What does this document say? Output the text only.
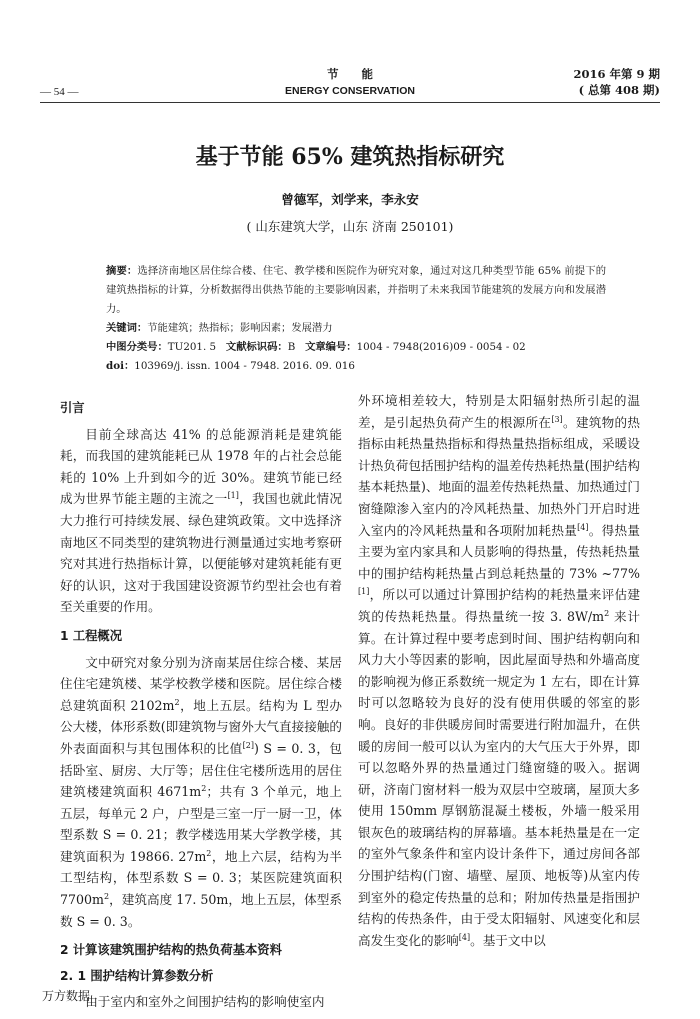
— 54 —
节　　能
ENERGY CONSERVATION
2016 年第 9 期
( 总第 408 期)
基于节能 65% 建筑热指标研究
曾德军，刘学来，李永安
( 山东建筑大学，山东 济南 250101)

摘要：选择济南地区居住综合楼、住宅、教学楼和医院作为研究对象，通过对这几种类型节能 65% 前提下的建筑热指标的计算，分析数据得出供热节能的主要影响因素，并指明了未来我国节能建筑的发展方向和发展潜力。

关键词：节能建筑；热指标；影响因素；发展潜力
中图分类号：TU201. 5 文献标识码：B 文章编号：1004 - 7948(2016)09 - 0054 - 02
doi：103969/j. issn. 1004 - 7948. 2016. 09. 016
引言

目前全球高达 41% 的总能源消耗是建筑能耗，而我国的建筑能耗已从 1978 年的占社会总能耗的 10% 上升到如今的近 30%。建筑节能已经成为世界节能主题的主流之一[1]，我国也就此情况大力推行可持续发展、绿色建筑政策。文中选择济南地区不同类型的建筑物进行测量通过实地考察研究对其进行热指标计算，以便能够对建筑耗能有更好的认识，这对于我国建设资源节约型社会也有着至关重要的作用。

1 工程概况

文中研究对象分别为济南某居住综合楼、某居住住宅建筑楼、某学校教学楼和医院。居住综合楼总建筑面积 $2102m^2$，地上五层。结构为 L 型办公大楼，体形系数(即建筑物与窗外大气直接接触的外表面面积与其包围体积的比值[2]) S = 0. 3，包括卧室、厨房、大厅等；居住住宅楼所选用的居住建筑楼建筑面积 $4671m^2$；共有 3 个单元，地上五层，每单元 2 户，户型是三室一厅一厨一卫，体型系数 S = 0. 21；教学楼选用某大学教学楼，其建筑面积为 19866. $27m^2$，地上六层，结构为半工型结构，体型系数 S = 0. 3；某医院建筑面积 $7700m^2$，建筑高度 17. 50m，地上五层，体型系数 S = 0. 3。

2 计算该建筑围护结构的热负荷基本资料
2. 1 围护结构计算参数分析

由于室内和室外之间围护结构的影响使室内

外环境相差较大，特别是太阳辐射热所引起的温差，是引起热负荷产生的根源所在[3]。建筑物的热指标由耗热量热指标和得热量热指标组成，采暖设计热负荷包括围护结构的温差传热耗热量(围护结构基本耗热量)、地面的温差传热耗热量、加热通过门窗缝隙渗入室内的冷风耗热量、加热外门开启时进入室内的冷风耗热量和各项附加耗热量[4]。得热量主要为室内家具和人员影响的得热量，传热耗热量中的围护结构耗热量占到总耗热量的 73% ~77%[1]，所以可以通过计算围护结构的耗热量来评估建筑的传热耗热量。得热量统一按 3. $8W/m^2$ 来计算。在计算过程中要考虑到时间、围护结构朝向和风力大小等因素的影响，因此屋面导热和外墙高度的影响视为修正系数统一规定为 1 左右，即在计算时可以忽略较为良好的没有使用供暖的邻室的影响。良好的非供暖房间时需要进行附加温升，在供暖的房间一般可以认为室内的大气压大于外界，即可以忽略外界的热量通过门缝窗缝的吸入。据调研，济南门窗材料一般为双层中空玻璃，屋顶大多使用 150mm 厚钢筋混凝土楼板，外墙一般采用银灰色的玻璃结构的屏幕墙。基本耗热量是在一定的室外气象条件和室内设计条件下，通过房间各部分围护结构(门窗、墙壁、屋顶、地板等)从室内传到室外的稳定传热量的总和；附加传热量是指围护结构的传热条件，由于受太阳辐射、风速变化和层高发生变化的影响[4]。基于文中以

万方数据
